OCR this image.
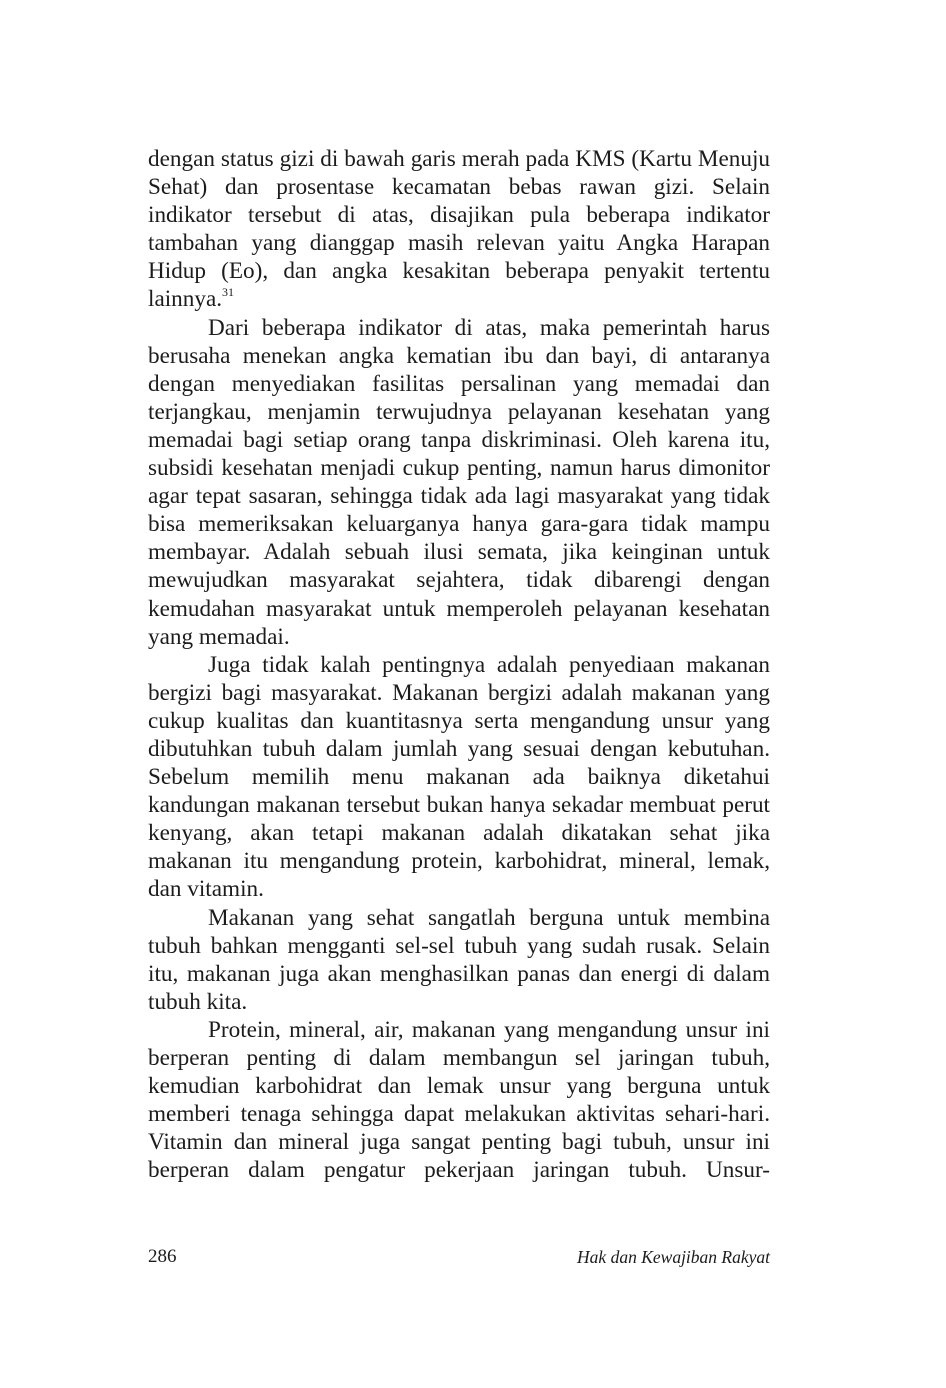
dengan status gizi di bawah garis merah pada KMS (Kartu Menuju Sehat) dan prosentase kecamatan bebas rawan gizi. Selain indikator tersebut di atas, disajikan pula beberapa indikator tambahan yang dianggap masih relevan yaitu Angka Harapan Hidup (Eo), dan angka kesakitan beberapa penyakit tertentu lainnya.$^{31}$

Dari beberapa indikator di atas, maka pemerintah harus berusaha menekan angka kematian ibu dan bayi, di antaranya dengan menyediakan fasilitas persalinan yang memadai dan terjangkau, menjamin terwujudnya pelayanan kesehatan yang memadai bagi setiap orang tanpa diskriminasi. Oleh karena itu, subsidi kesehatan menjadi cukup penting, namun harus dimonitor agar tepat sasaran, sehingga tidak ada lagi masyarakat yang tidak bisa memeriksakan keluarganya hanya gara-gara tidak mampu membayar. Adalah sebuah ilusi semata, jika keinginan untuk mewujudkan masyarakat sejahtera, tidak dibarengi dengan kemudahan masyarakat untuk memperoleh pelayanan kesehatan yang memadai.

Juga tidak kalah pentingnya adalah penyediaan makanan bergizi bagi masyarakat. Makanan bergizi adalah makanan yang cukup kualitas dan kuantitasnya serta mengandung unsur yang dibutuhkan tubuh dalam jumlah yang sesuai dengan kebutuhan. Sebelum memilih menu makanan ada baiknya diketahui kandungan makanan tersebut bukan hanya sekadar membuat perut kenyang, akan tetapi makanan adalah dikatakan sehat jika makanan itu mengandung protein, karbohidrat, mineral, lemak, dan vitamin.

Makanan yang sehat sangatlah berguna untuk membina tubuh bahkan mengganti sel-sel tubuh yang sudah rusak. Selain itu, makanan juga akan menghasilkan panas dan energi di dalam tubuh kita.

Protein, mineral, air, makanan yang mengandung unsur ini berperan penting di dalam membangun sel jaringan tubuh, kemudian karbohidrat dan lemak unsur yang berguna untuk memberi tenaga sehingga dapat melakukan aktivitas sehari-hari. Vitamin dan mineral juga sangat penting bagi tubuh, unsur ini berperan dalam pengatur pekerjaan jaringan tubuh. Unsur-

286	Hak dan Kewajiban Rakyat
